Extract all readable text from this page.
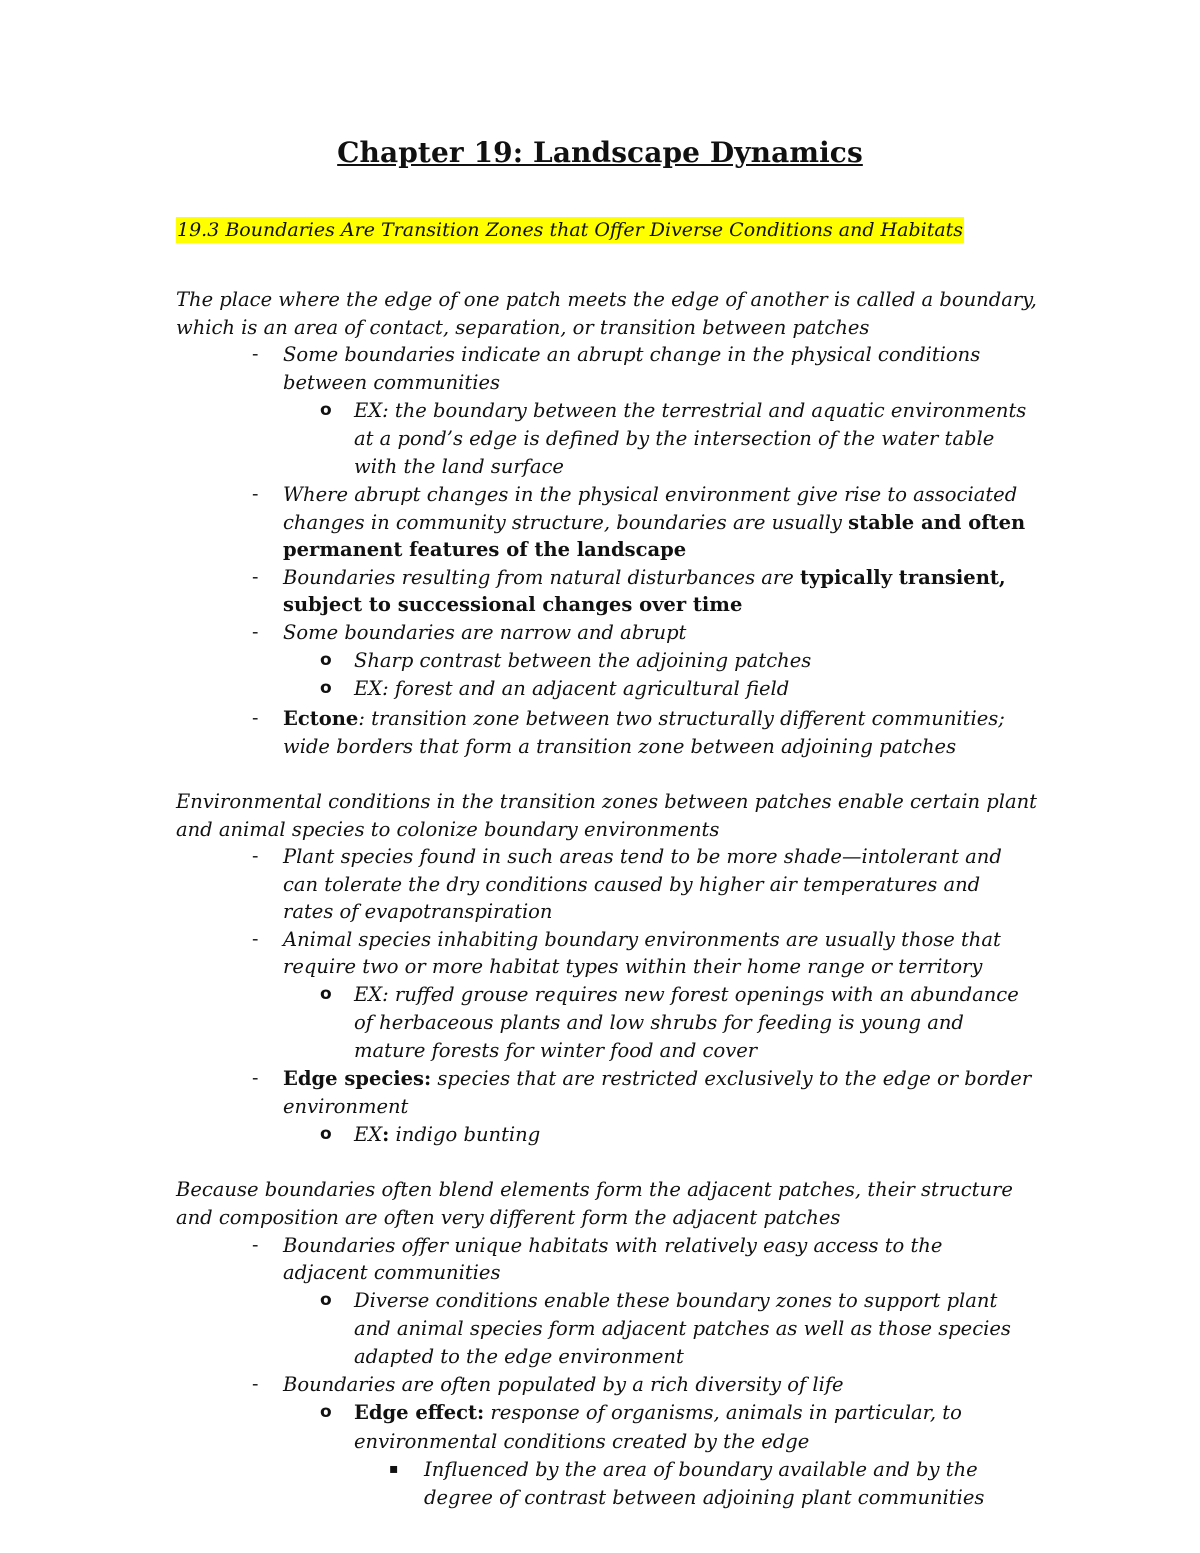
Chapter 19: Landscape Dynamics
19.3 Boundaries Are Transition Zones that Offer Diverse Conditions and Habitats
The place where the edge of one patch meets the edge of another is called a boundary,
which is an area of contact, separation, or transition between patches
- Some boundaries indicate an abrupt change in the physical conditions
between communities
o EX: the boundary between the terrestrial and aquatic environments
at a pond’s edge is defined by the intersection of the water table
with the land surface
- Where abrupt changes in the physical environment give rise to associated
changes in community structure, boundaries are usually stable and often
permanent features of the landscape
- Boundaries resulting from natural disturbances are typically transient,
subject to successional changes over time
- Some boundaries are narrow and abrupt
o Sharp contrast between the adjoining patches
o EX: forest and an adjacent agricultural field
- Ectone: transition zone between two structurally different communities;
wide borders that form a transition zone between adjoining patches
Environmental conditions in the transition zones between patches enable certain plant
and animal species to colonize boundary environments
- Plant species found in such areas tend to be more shade—intolerant and
can tolerate the dry conditions caused by higher air temperatures and
rates of evapotranspiration
- Animal species inhabiting boundary environments are usually those that
require two or more habitat types within their home range or territory
o EX: ruffed grouse requires new forest openings with an abundance
of herbaceous plants and low shrubs for feeding is young and
mature forests for winter food and cover
- Edge species: species that are restricted exclusively to the edge or border
environment
o EX: indigo bunting
Because boundaries often blend elements form the adjacent patches, their structure
and composition are often very different form the adjacent patches
- Boundaries offer unique habitats with relatively easy access to the
adjacent communities
o Diverse conditions enable these boundary zones to support plant
and animal species form adjacent patches as well as those species
adapted to the edge environment
- Boundaries are often populated by a rich diversity of life
o Edge effect: response of organisms, animals in particular, to
environmental conditions created by the edge
▪ Influenced by the area of boundary available and by the
degree of contrast between adjoining plant communities
